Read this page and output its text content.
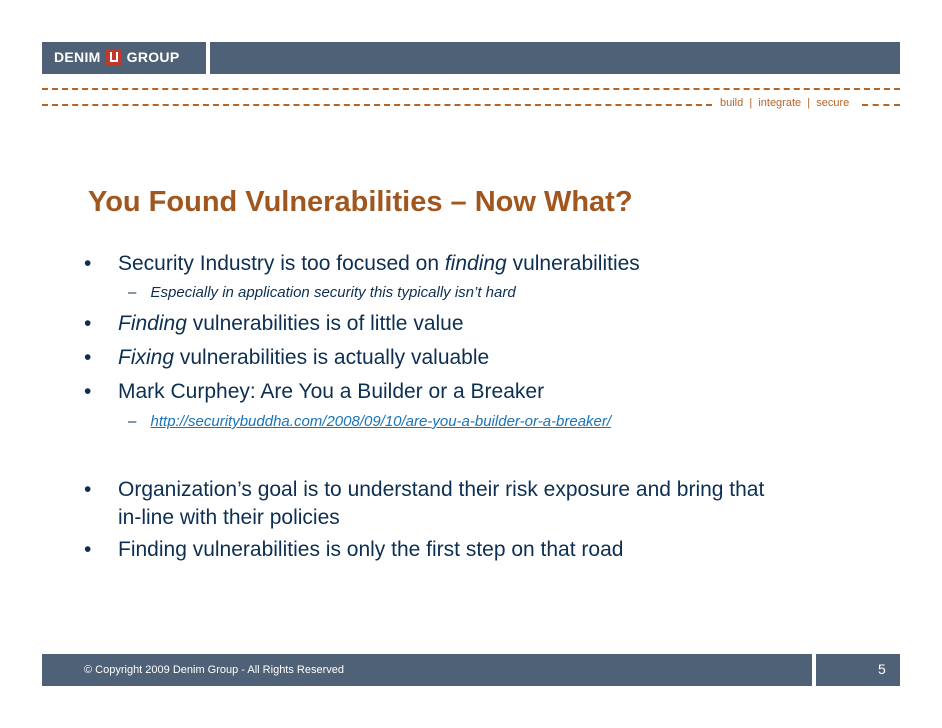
DENIM GROUP
build  |  integrate  |  secure
You Found Vulnerabilities – Now What?
• Security Industry is too focused on finding vulnerabilities
– Especially in application security this typically isn’t hard
• Finding vulnerabilities is of little value
• Fixing vulnerabilities is actually valuable
• Mark Curphey: Are You a Builder or a Breaker
– http://securitybuddha.com/2008/09/10/are-you-a-builder-or-a-breaker/
• Organization’s goal is to understand their risk exposure and bring that
in-line with their policies
• Finding vulnerabilities is only the first step on that road
© Copyright 2009 Denim Group - All Rights Reserved	5
